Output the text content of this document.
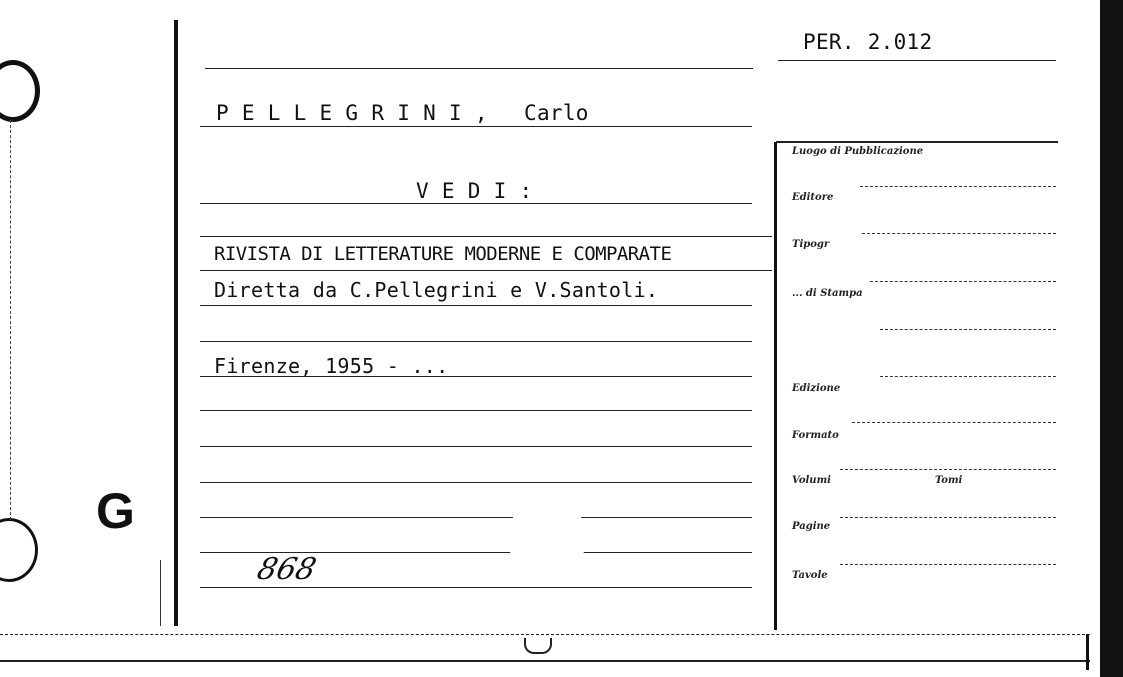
G
PER. 2.012
P E L L E G R I N I , Carlo
V E D I :
RIVISTA DI LETTERATURE MODERNE E COMPARATE
Diretta da C.Pellegrini e V.Santoli.
Firenze, 1955 - ...
868
Luogo di Pubblicazione
Editore
Tipogr
... di Stampa
Edizione
Formato
Volumi	Tomi
Pagine
Tavole
